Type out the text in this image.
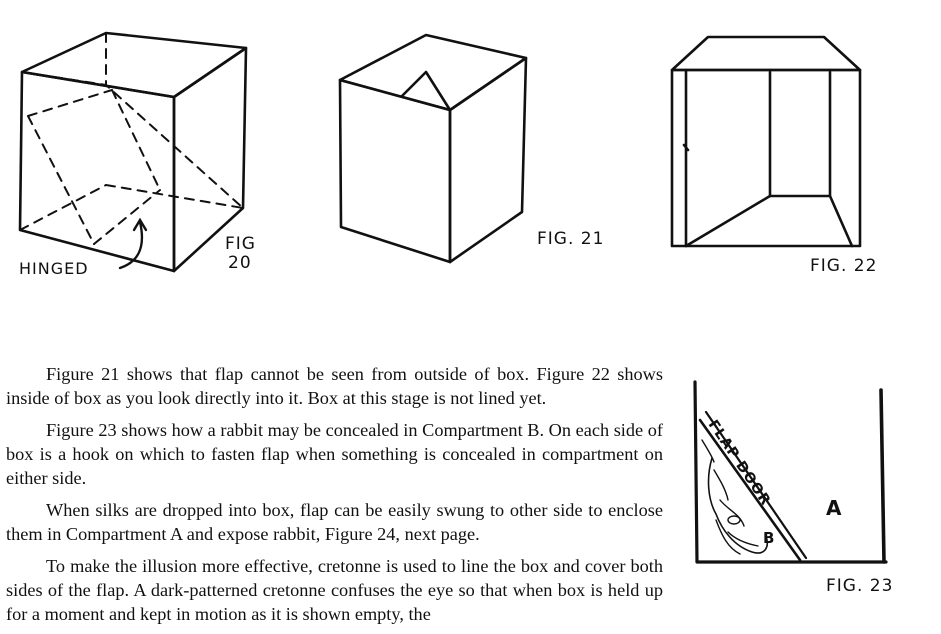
HINGED
FIG
20
FIG. 21
FIG. 22

Figure 21 shows that flap cannot be seen from outside of box. Figure 22 shows inside of box as you look directly into it. Box at this stage is not lined yet.

Figure 23 shows how a rabbit may be concealed in Compartment B. On each side of box is a hook on which to fasten flap when something is concealed in compartment on either side.

When silks are dropped into box, flap can be easily swung to other side to enclose them in Compartment A and expose rabbit, Figure 24, next page.

To make the illusion more effective, cretonne is used to line the box and cover both sides of the flap. A dark-patterned cretonne confuses the eye so that when box is held up for a moment and kept in motion as it is shown empty, the

FLAP DOOR
B
A
FIG. 23
